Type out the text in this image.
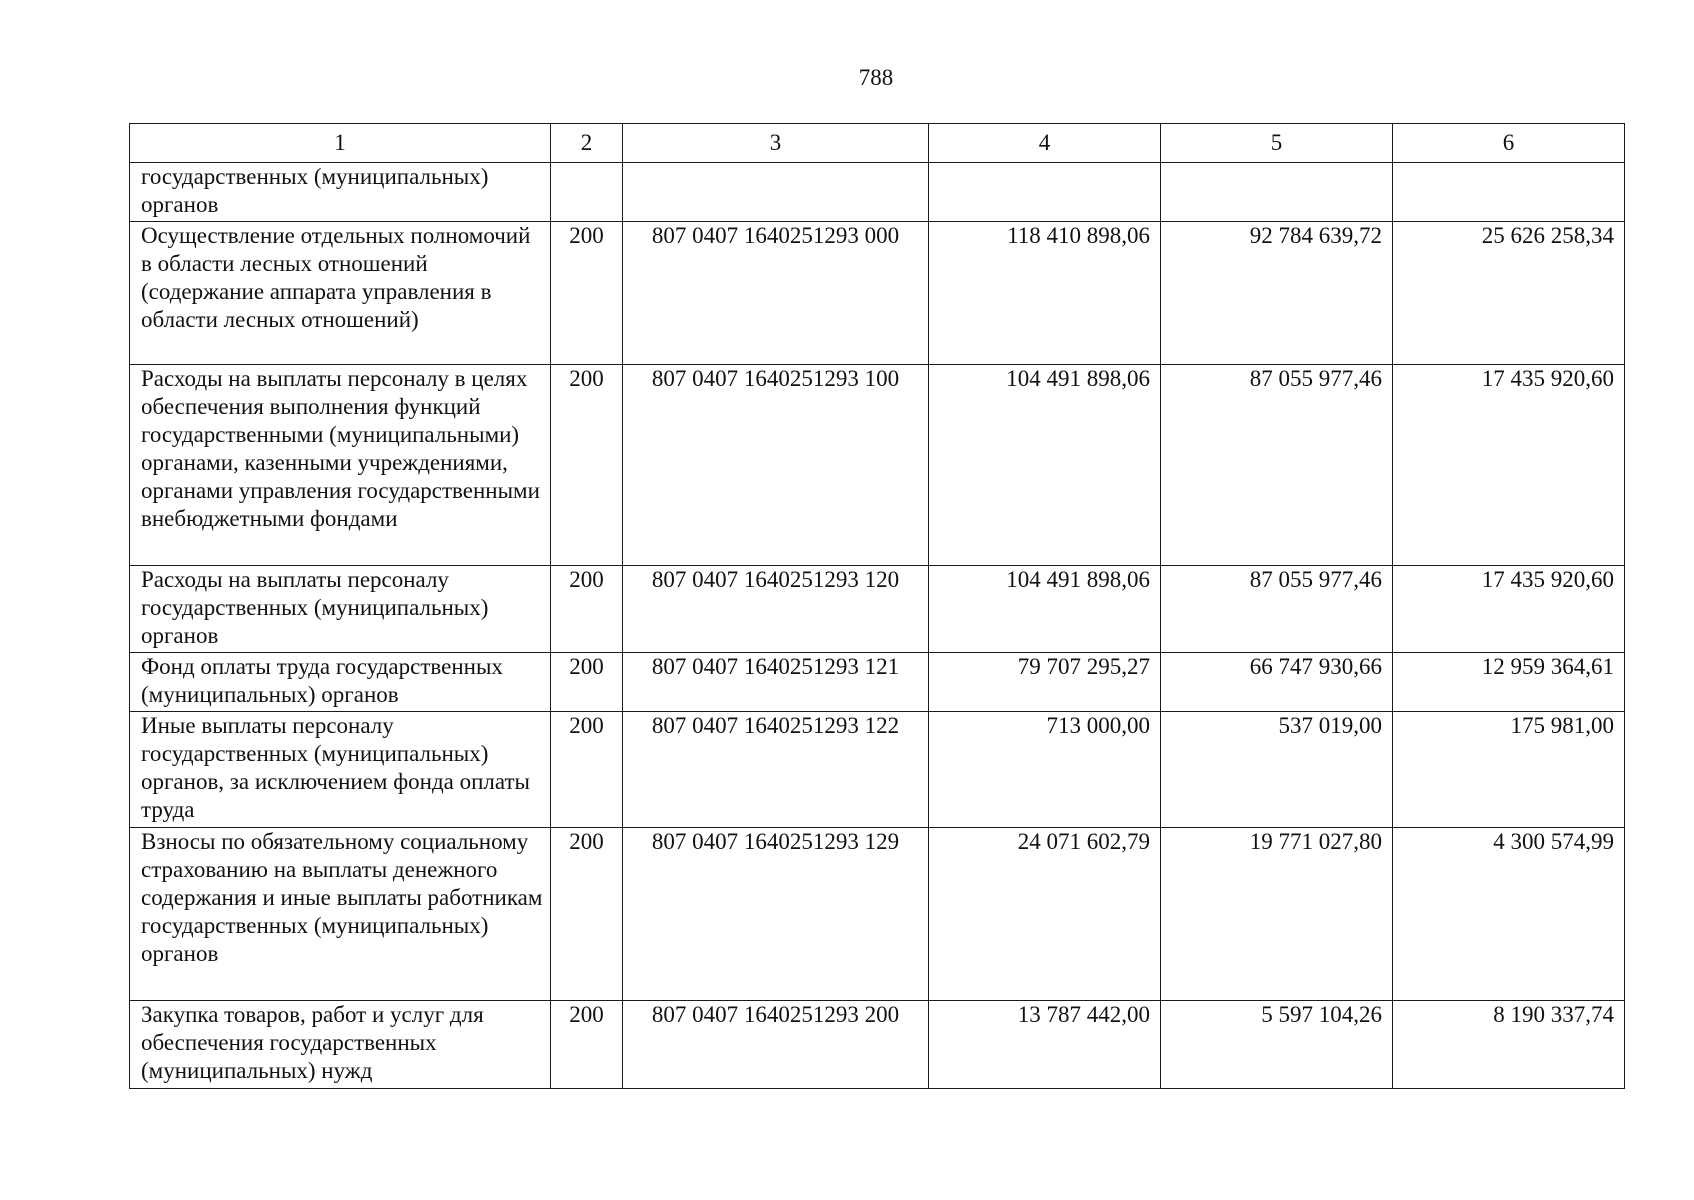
788
1	2	3	4	5	6
государственных (муниципальных) органов					
Осуществление отдельных полномочий в области лесных отношений (содержание аппарата управления в области лесных отношений)	200	807 0407 1640251293 000	118 410 898,06	92 784 639,72	25 626 258,34
Расходы на выплаты персоналу в целях обеспечения выполнения функций государственными (муниципальными) органами, казенными учреждениями, органами управления государственными внебюджетными фондами	200	807 0407 1640251293 100	104 491 898,06	87 055 977,46	17 435 920,60
Расходы на выплаты персоналу государственных (муниципальных) органов	200	807 0407 1640251293 120	104 491 898,06	87 055 977,46	17 435 920,60
Фонд оплаты труда государственных (муниципальных) органов	200	807 0407 1640251293 121	79 707 295,27	66 747 930,66	12 959 364,61
Иные выплаты персоналу государственных (муниципальных) органов, за исключением фонда оплаты труда	200	807 0407 1640251293 122	713 000,00	537 019,00	175 981,00
Взносы по обязательному социальному страхованию на выплаты денежного содержания и иные выплаты работникам государственных (муниципальных) органов	200	807 0407 1640251293 129	24 071 602,79	19 771 027,80	4 300 574,99
Закупка товаров, работ и услуг для обеспечения государственных (муниципальных) нужд	200	807 0407 1640251293 200	13 787 442,00	5 597 104,26	8 190 337,74
